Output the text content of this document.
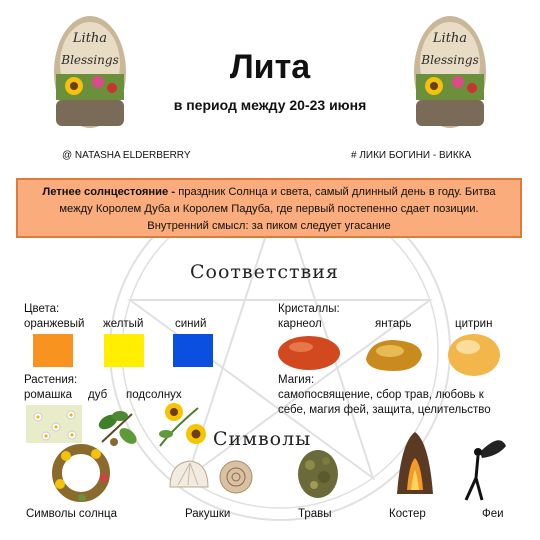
Litha
Blessings
Litha
Blessings
Лита
в период между 20-23 июня
@ NATASHA ELDERBERRY	# ЛИКИ БОГИНИ - ВИККА
Летнее солнцестояние - праздник Солнца и света, самый длинный день в году. Битва
между Королем Дуба и Королем Падуба, где первый постепенно сдает позиции.
Внутренний смысл: за пиком следует угасание
Соответствия
Цвета:
оранжевый желтый	синий
Кристаллы:
карнеол	янтарь	цитрин
Растения:
ромашка дуб подсолнух
Магия:
самопосвящение, сбор трав, любовь к
себе, магия фей, защита, целительство
Символы
Символы солнца	Ракушки	Травы	Костер	Феи
